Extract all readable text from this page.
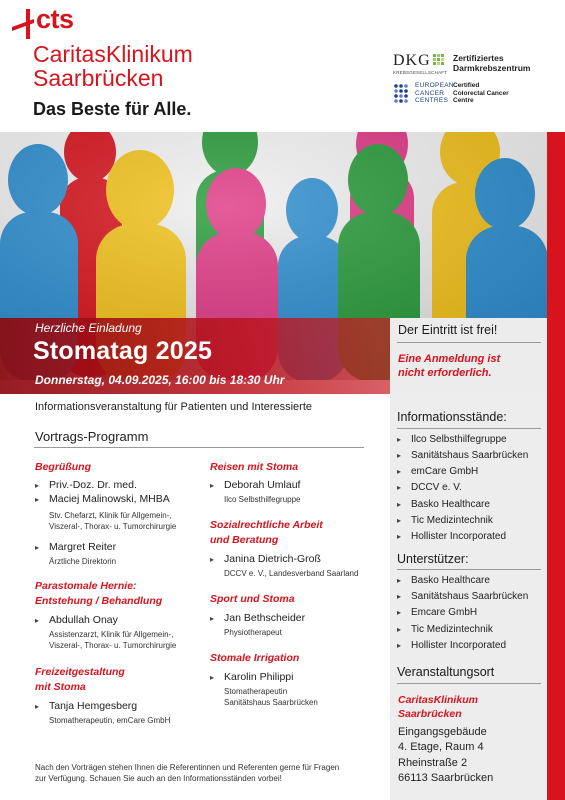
cts
CaritasKlinikum
Saarbrücken
Das Beste für Alle.
DKG
KREBSGESELLSCHAFT
Zertifiziertes
Darmkrebszentrum
EUROPEAN
CANCER
CENTRES
Certified
Colorectal Cancer
Centre
Herzliche Einladung
Stomatag 2025
Donnerstag, 04.09.2025, 16:00 bis 18:30 Uhr
Der Eintritt ist frei!
Eine Anmeldung ist
nicht erforderlich.
Informationsveranstaltung für Patienten und Interessierte
Vortrags-Programm
Begrüßung
▸ Priv.-Doz. Dr. med.
▸ Maciej Malinowski, MHBA
Stv. Chefarzt, Klinik für Allgemein-,
Viszeral-, Thorax- u. Tumorchirurgie
▸ Margret Reiter
Ärztliche Direktorin
Parastomale Hernie:
Entstehung / Behandlung
▸ Abdullah Onay
Assistenzarzt, Klinik für Allgemein-,
Viszeral-, Thorax- u. Tumorchirurgie
Freizeitgestaltung
mit Stoma
▸ Tanja Hemgesberg
Stomatherapeutin, emCare GmbH
Reisen mit Stoma
▸ Deborah Umlauf
Ilco Selbsthilfegruppe
Sozialrechtliche Arbeit
und Beratung
▸ Janina Dietrich-Groß
DCCV e. V., Landesverband Saarland
Sport und Stoma
▸ Jan Bethscheider
Physiotherapeut
Stomale Irrigation
▸ Karolin Philippi
Stomatherapeutin
Sanitätshaus Saarbrücken
Nach den Vorträgen stehen Ihnen die Referentinnen und Referenten gerne für Fragen
zur Verfügung. Schauen Sie auch an den Informationsständen vorbei!
Informationsstände:
▸ Ilco Selbsthilfegruppe
▸ Sanitätshaus Saarbrücken
▸ emCare GmbH
▸ DCCV e. V.
▸ Basko Healthcare
▸ Tic Medizintechnik
▸ Hollister Incorporated
Unterstützer:
▸ Basko Healthcare
▸ Sanitätshaus Saarbrücken
▸ Emcare GmbH
▸ Tic Medizintechnik
▸ Hollister Incorporated
Veranstaltungsort
CaritasKlinikum
Saarbrücken
Eingangsgebäude
4. Etage, Raum 4
Rheinstraße 2
66113 Saarbrücken
